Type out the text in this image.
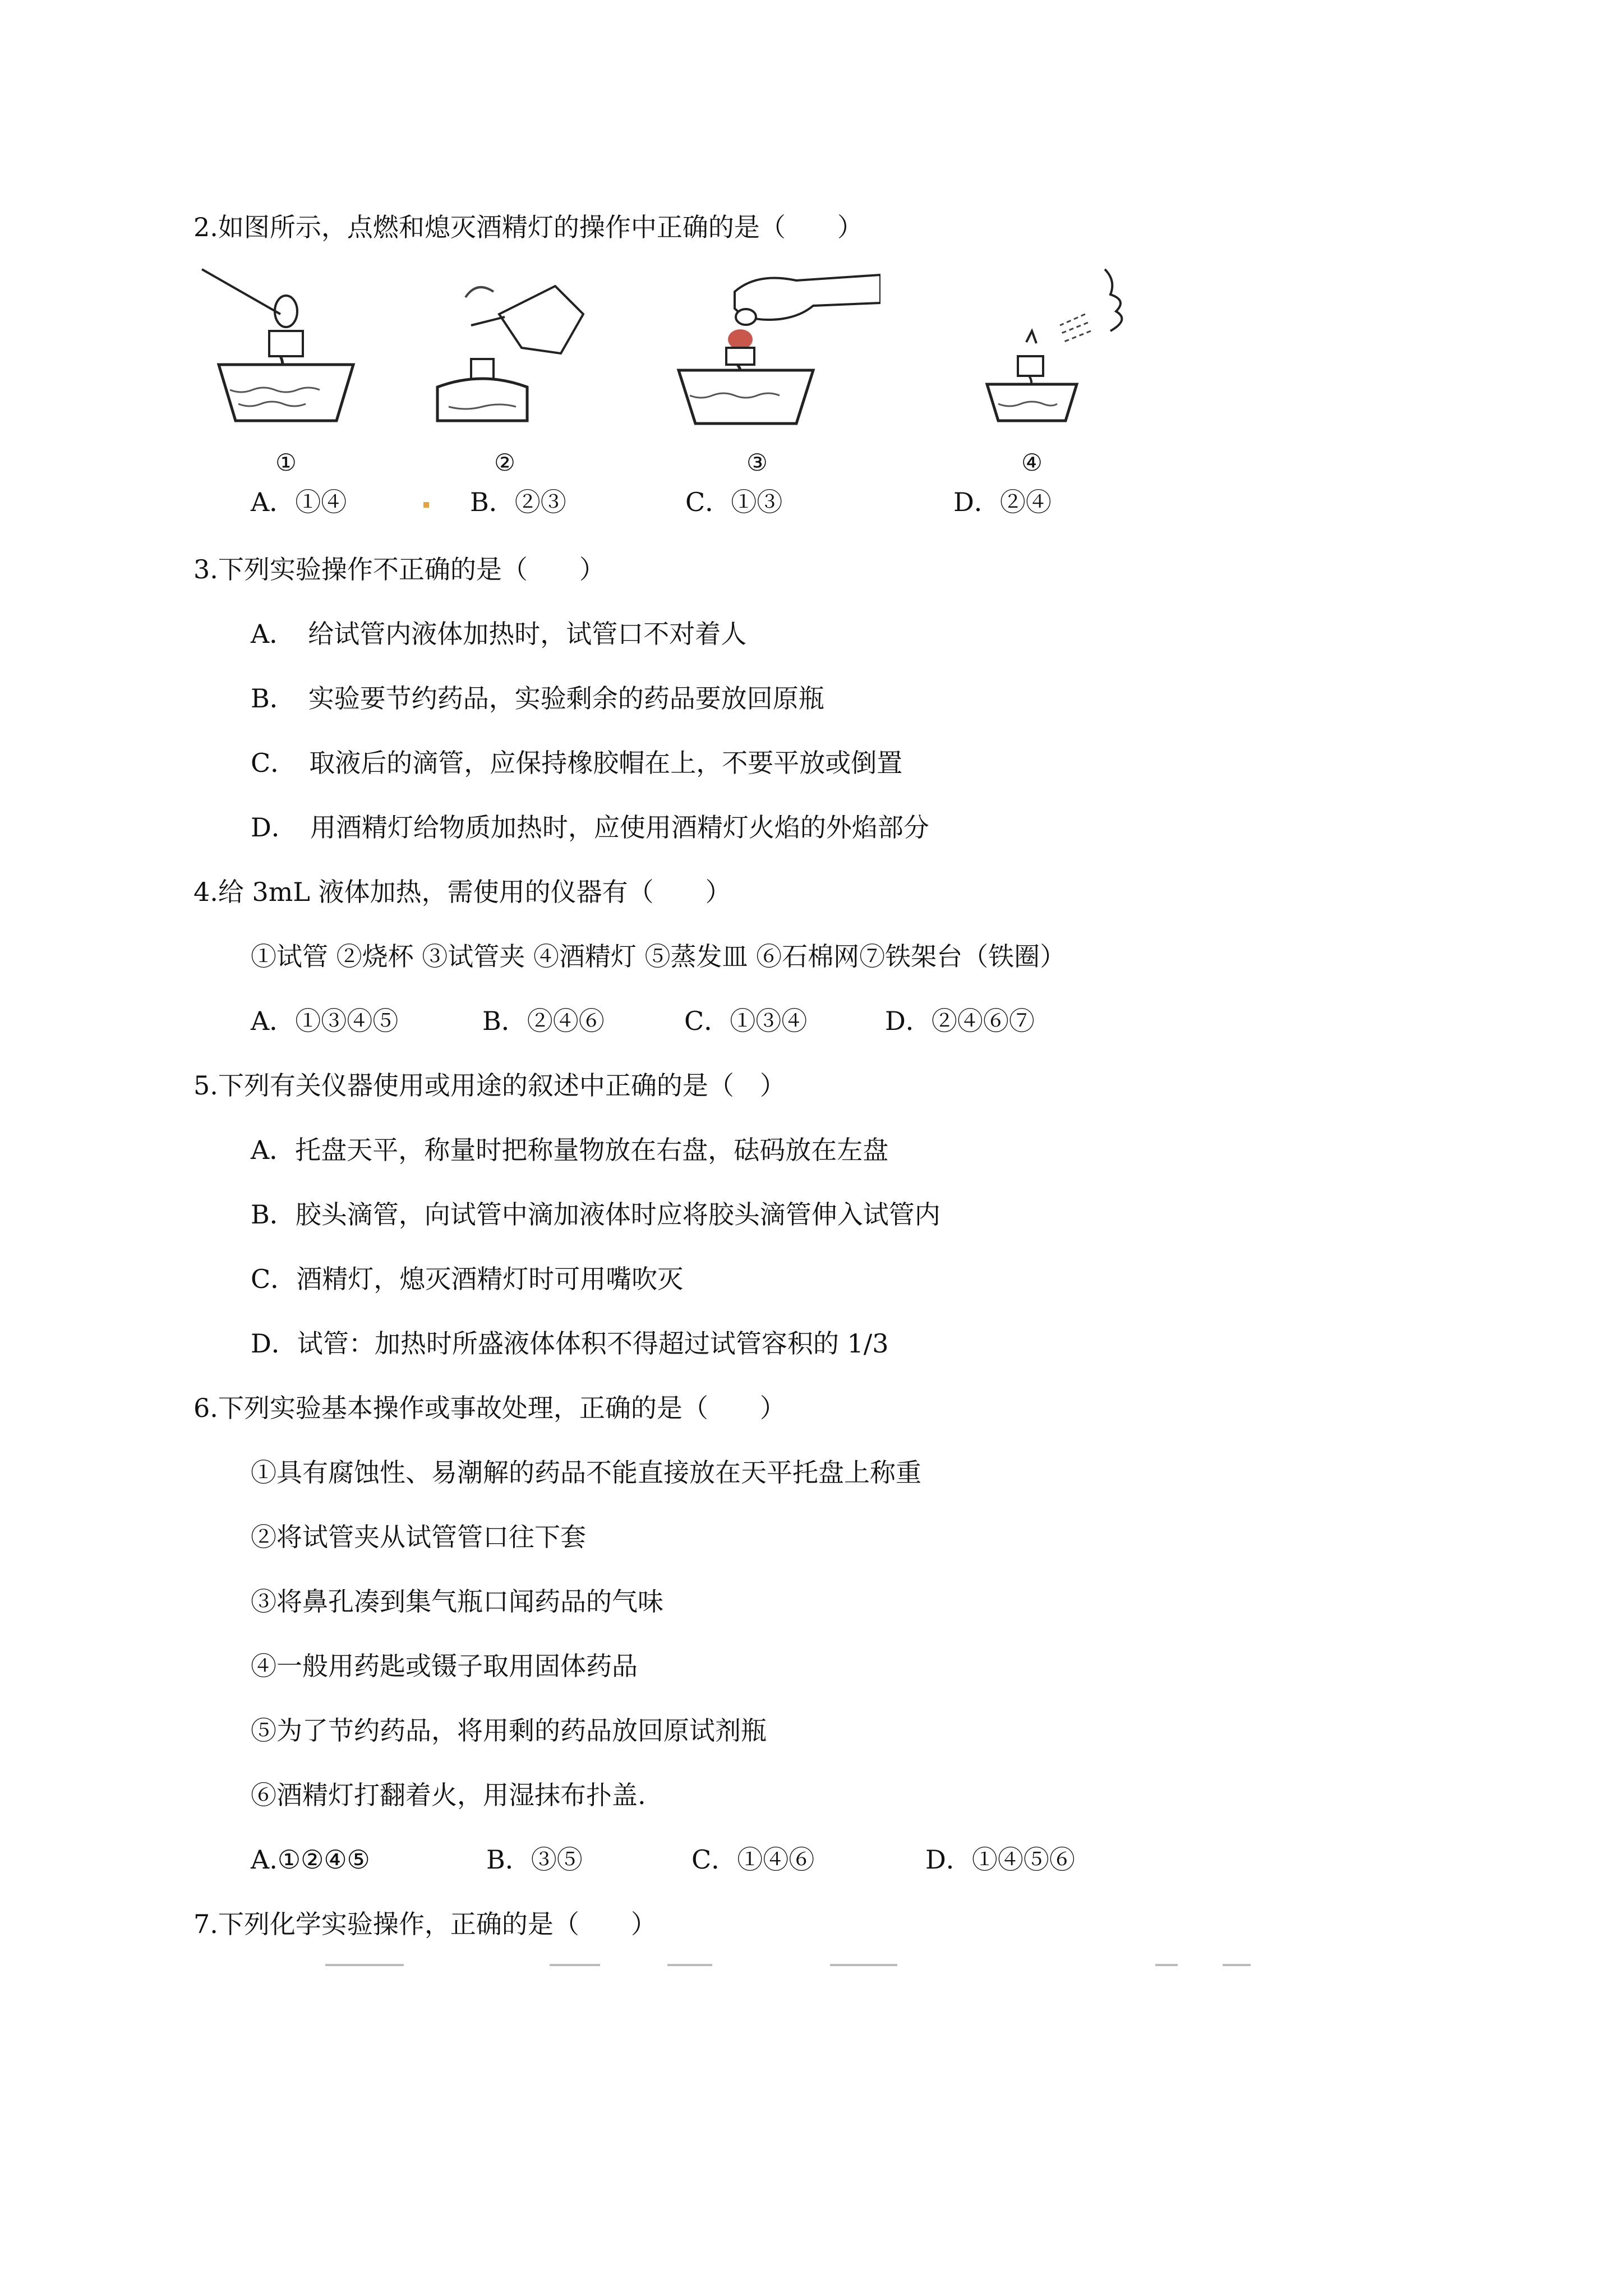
2.如图所示，点燃和熄灭酒精灯的操作中正确的是（　　）
①	②	③	④
A．①④	B．②③	C．①③	D．②④
3.下列实验操作不正确的是（　　）
A．　给试管内液体加热时，试管口不对着人
B．　实验要节约药品，实验剩余的药品要放回原瓶
C．　取液后的滴管，应保持橡胶帽在上，不要平放或倒置
D．　用酒精灯给物质加热时，应使用酒精灯火焰的外焰部分
4.给 3mL 液体加热，需使用的仪器有（　　）
①试管 ②烧杯 ③试管夹 ④酒精灯 ⑤蒸发皿 ⑥石棉网⑦铁架台（铁圈）
A．①③④⑤	B．②④⑥	C．①③④	D．②④⑥⑦
5.下列有关仪器使用或用途的叙述中正确的是（　）
A．托盘天平，称量时把称量物放在右盘，砝码放在左盘
B．胶头滴管，向试管中滴加液体时应将胶头滴管伸入试管内
C．酒精灯，熄灭酒精灯时可用嘴吹灭
D．试管：加热时所盛液体体积不得超过试管容积的 1/3
6.下列实验基本操作或事故处理，正确的是（　　）
①具有腐蚀性、易潮解的药品不能直接放在天平托盘上称重
②将试管夹从试管管口往下套
③将鼻孔凑到集气瓶口闻药品的气味
④一般用药匙或镊子取用固体药品
⑤为了节约药品，将用剩的药品放回原试剂瓶
⑥酒精灯打翻着火，用湿抹布扑盖.
A.①②④⑤	B．③⑤	C．①④⑥	D．①④⑤⑥
7.下列化学实验操作，正确的是（　　）
